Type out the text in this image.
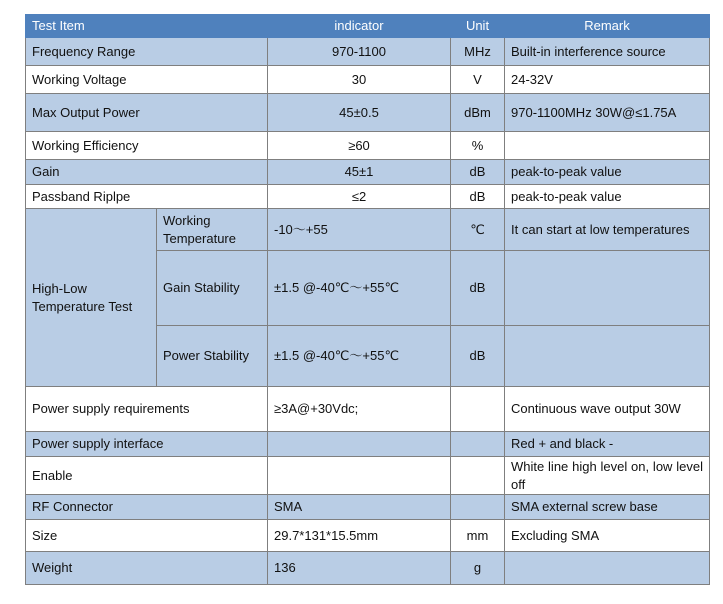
Test Item		indicator	Unit	Remark
Frequency Range		970-1100	MHz	Built-in interference source
Working Voltage		30	V	24-32V
Max Output Power		45±0.5	dBm	970-1100MHz 30W@≤1.75A
Working Efficiency		≥60	%	
Gain		45±1	dB	peak-to-peak value
Passband Riplpe		≤2	dB	peak-to-peak value
High-Low Temperature Test	Working Temperature	-10～+55	℃	It can start at low temperatures
	Gain Stability	±1.5 @-40℃～+55℃	dB	
	Power Stability	±1.5 @-40℃～+55℃	dB	
Power supply requirements		≥3A@+30Vdc;		Continuous wave output 30W
Power supply interface				Red + and black -
Enable				White line high level on, low level off
RF Connector		SMA		SMA external screw base
Size		29.7*131*15.5mm	mm	Excluding SMA
Weight		136	g	
